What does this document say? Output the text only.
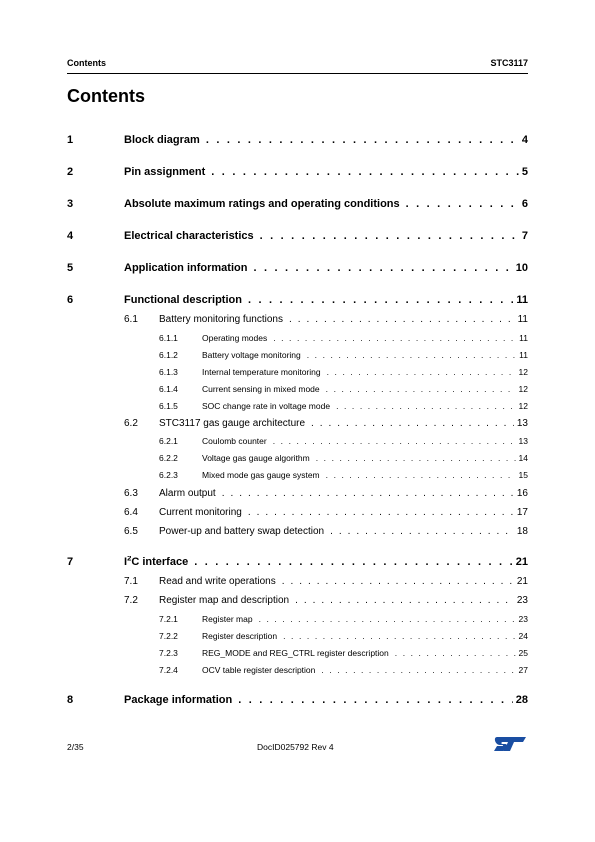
Contents	STC3117
Contents
1	Block diagram . . .	4
2	Pin assignment . . .	5
3	Absolute maximum ratings and operating conditions . . .	6
4	Electrical characteristics . . .	7
5	Application information . . .	10
6	Functional description . . .	11
6.1 Battery monitoring functions . . .	11
6.1.1	Operating modes . . .	11
6.1.2	Battery voltage monitoring . . .	11
6.1.3	Internal temperature monitoring . . .	12
6.1.4	Current sensing in mixed mode . . .	12
6.1.5	SOC change rate in voltage mode . . .	12
6.2 STC3117 gas gauge architecture . . .	13
6.2.1	Coulomb counter . . .	13
6.2.2	Voltage gas gauge algorithm . . .	14
6.2.3	Mixed mode gas gauge system . . .	15
6.3 Alarm output . . .	16
6.4 Current monitoring . . .	17
6.5 Power-up and battery swap detection . . .	18
7	$I^2C$ interface . . .	21
7.1 Read and write operations . . .	21
7.2 Register map and description . . .	23
7.2.1	Register map . . .	23
7.2.2	Register description . . .	24
7.2.3	REG_MODE and REG_CTRL register description . . .	25
7.2.4	OCV table register description . . .	27
8	Package information . . .	28
2/35	DocID025792 Rev 4
